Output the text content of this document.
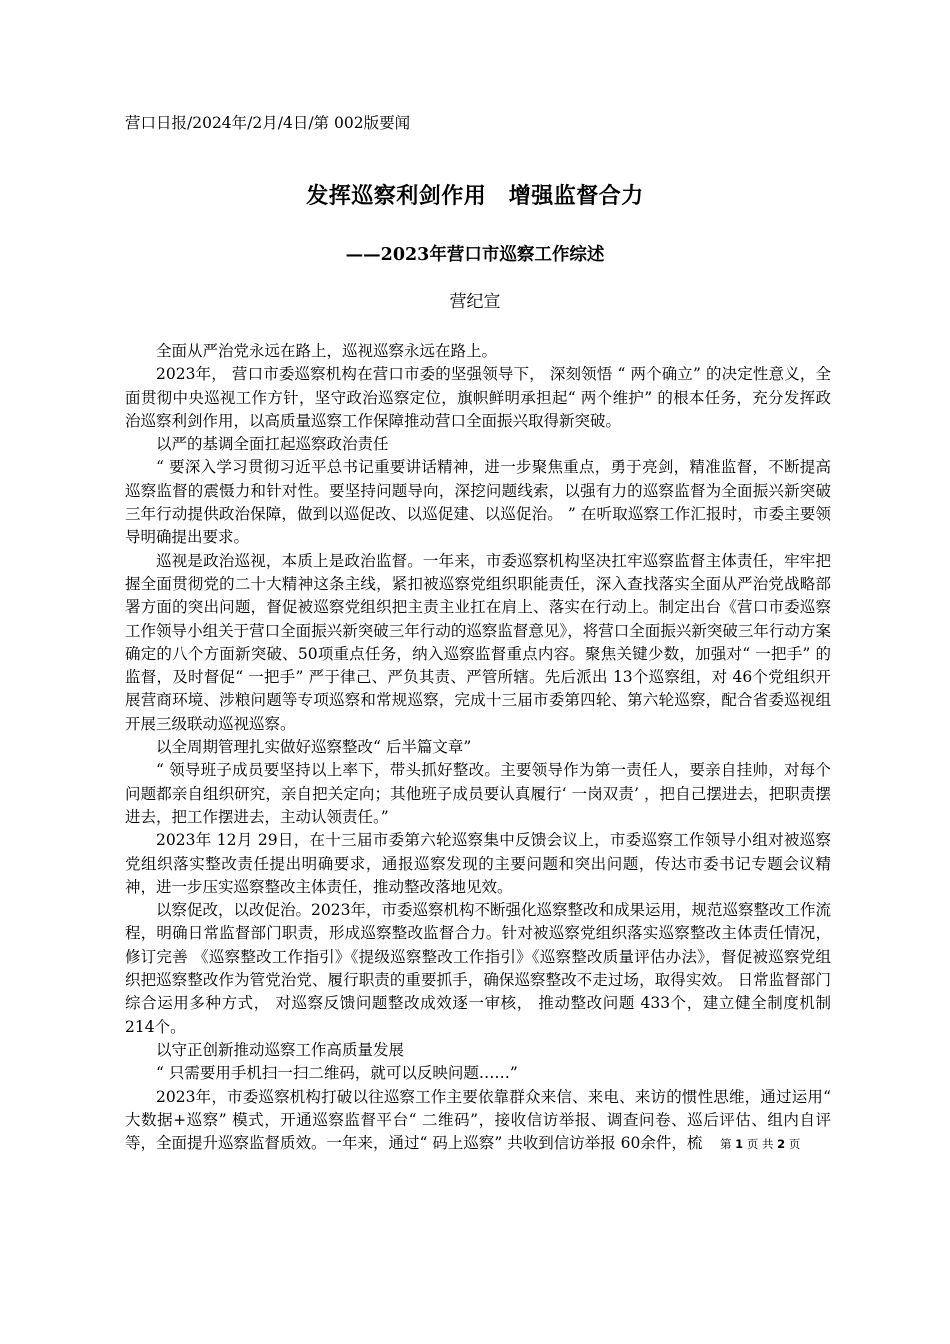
营口日报/2024年/2月/4日/第 002版要闻
发挥巡察利剑作用　增强监督合力
——2023年营口市巡察工作综述
营纪宣

全面从严治党永远在路上，巡视巡察永远在路上。

2023年， 营口市委巡察机构在营口市委的坚强领导下， 深刻领悟 “ 两个确立” 的决定性意义，全面贯彻中央巡视工作方针，坚守政治巡察定位，旗帜鲜明承担起“ 两个维护” 的根本任务，充分发挥政治巡察利剑作用，以高质量巡察工作保障推动营口全面振兴取得新突破。

以严的基调全面扛起巡察政治责任

“ 要深入学习贯彻习近平总书记重要讲话精神，进一步聚焦重点，勇于亮剑，精准监督，不断提高巡察监督的震慑力和针对性。要坚持问题导向，深挖问题线索，以强有力的巡察监督为全面振兴新突破三年行动提供政治保障，做到以巡促改、以巡促建、以巡促治。 ” 在听取巡察工作汇报时，市委主要领导明确提出要求。

巡视是政治巡视，本质上是政治监督。一年来，市委巡察机构坚决扛牢巡察监督主体责任，牢牢把握全面贯彻党的二十大精神这条主线，紧扣被巡察党组织职能责任，深入查找落实全面从严治党战略部署方面的突出问题，督促被巡察党组织把主责主业扛在肩上、落实在行动上。制定出台《营口市委巡察工作领导小组关于营口全面振兴新突破三年行动的巡察监督意见》，将营口全面振兴新突破三年行动方案确定的八个方面新突破、50项重点任务，纳入巡察监督重点内容。聚焦关键少数，加强对“ 一把手” 的监督，及时督促“ 一把手” 严于律己、严负其责、严管所辖。先后派出 13个巡察组，对 46个党组织开展营商环境、涉粮问题等专项巡察和常规巡察，完成十三届市委第四轮、第六轮巡察，配合省委巡视组开展三级联动巡视巡察。

以全周期管理扎实做好巡察整改“ 后半篇文章”

“ 领导班子成员要坚持以上率下，带头抓好整改。主要领导作为第一责任人，要亲自挂帅，对每个问题都亲自组织研究，亲自把关定向；其他班子成员要认真履行‘ 一岗双责’ ，把自己摆进去，把职责摆进去，把工作摆进去，主动认领责任。”

2023年 12月 29日，在十三届市委第六轮巡察集中反馈会议上，市委巡察工作领导小组对被巡察党组织落实整改责任提出明确要求，通报巡察发现的主要问题和突出问题，传达市委书记专题会议精神，进一步压实巡察整改主体责任，推动整改落地见效。

以察促改，以改促治。2023年，市委巡察机构不断强化巡察整改和成果运用，规范巡察整改工作流程，明确日常监督部门职责，形成巡察整改监督合力。针对被巡察党组织落实巡察整改主体责任情况， 修订完善 《巡察整改工作指引》《提级巡察整改工作指引》《巡察整改质量评估办法》，督促被巡察党组织把巡察整改作为管党治党、履行职责的重要抓手，确保巡察整改不走过场，取得实效。 日常监督部门综合运用多种方式， 对巡察反馈问题整改成效逐一审核， 推动整改问题 433个，建立健全制度机制 214个。

以守正创新推动巡察工作高质量发展

“ 只需要用手机扫一扫二维码，就可以反映问题……”

2023年，市委巡察机构打破以往巡察工作主要依靠群众来信、来电、来访的惯性思维，通过运用“ 大数据+巡察” 模式，开通巡察监督平台“ 二维码”，接收信访举报、调查问卷、巡后评估、组内自评等，全面提升巡察监督质效。一年来，通过“ 码上巡察” 共收到信访举报 60余件，梳	第 1 页 共 2 页
